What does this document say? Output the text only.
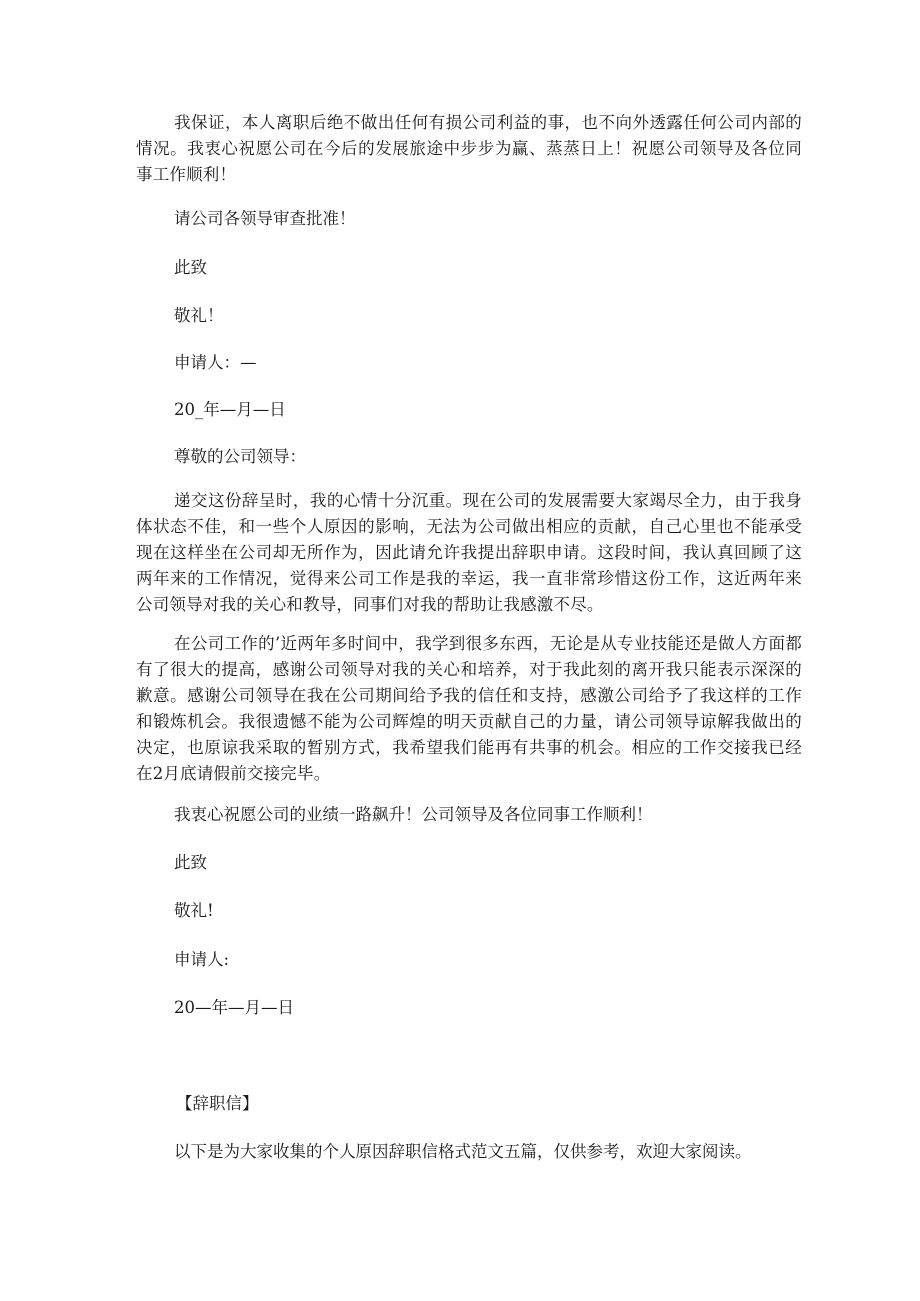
我保证，本人离职后绝不做出任何有损公司利益的事，也不向外透露任何公司内部的情况。我衷心祝愿公司在今后的发展旅途中步步为赢、蒸蒸日上！祝愿公司领导及各位同事工作顺利！

请公司各领导审查批准！

此致

敬礼！

申请人：—

20_年—月—日

尊敬的公司领导：

递交这份辞呈时，我的心情十分沉重。现在公司的发展需要大家竭尽全力，由于我身体状态不佳，和一些个人原因的影响，无法为公司做出相应的贡献，自己心里也不能承受现在这样坐在公司却无所作为，因此请允许我提出辞职申请。这段时间，我认真回顾了这两年来的工作情况，觉得来公司工作是我的幸运，我一直非常珍惜这份工作，这近两年来公司领导对我的关心和教导，同事们对我的帮助让我感激不尽。

在公司工作的’近两年多时间中，我学到很多东西，无论是从专业技能还是做人方面都有了很大的提高，感谢公司领导对我的关心和培养，对于我此刻的离开我只能表示深深的歉意。感谢公司领导在我在公司期间给予我的信任和支持，感激公司给予了我这样的工作和锻炼机会。我很遗憾不能为公司辉煌的明天贡献自己的力量，请公司领导谅解我做出的决定，也原谅我采取的暂别方式，我希望我们能再有共事的机会。相应的工作交接我已经在2月底请假前交接完毕。

我衷心祝愿公司的业绩一路飙升！公司领导及各位同事工作顺利！

此致

敬礼!

申请人:

20—年—月—日

【辞职信】

以下是为大家收集的个人原因辞职信格式范文五篇，仅供参考，欢迎大家阅读。
